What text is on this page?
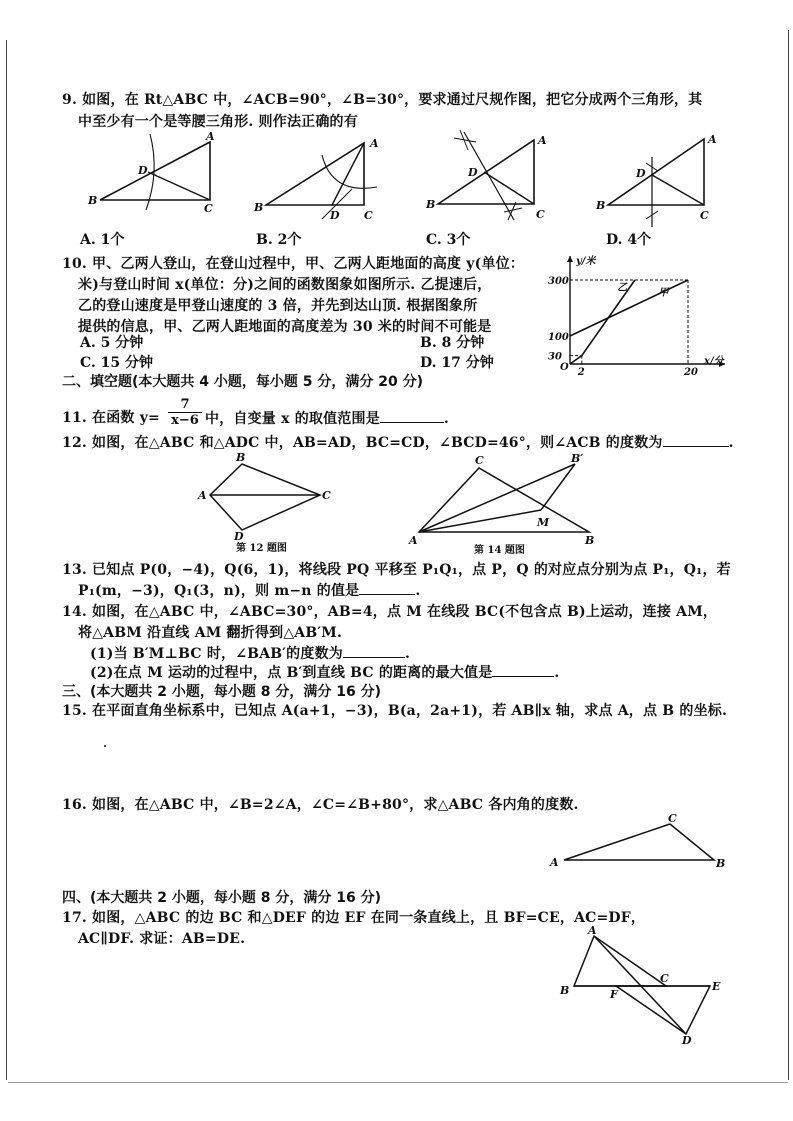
9. 如图，在 Rt△ABC 中，∠ACB=90°，∠B=30°，要求通过尺规作图，把它分成两个三角形，其
中至少有一个是等腰三角形. 则作法正确的有
A
B
C
D
A
B
C
D
A
B
C
D
A
B
C
D
A. 1个	B. 2个	C. 3个	D. 4个
10. 甲、乙两人登山，在登山过程中，甲、乙两人距地面的高度 y(单位：
米)与登山时间 x(单位：分)之间的函数图象如图所示. 乙提速后，
乙的登山速度是甲登山速度的 3 倍，并先到达山顶. 根据图象所
提供的信息，甲、乙两人距地面的高度差为 30 米的时间不可能是
A. 5 分钟	B. 8 分钟
C. 15 分钟	D. 17 分钟
y/米
x/分
O
甲
乙
30
100
300
2	20
二、填空题(本大题共 4 小题，每小题 5 分，满分 20 分)
11. 在函数 $y= \frac{7}{x-6}$ 中，自变量 x 的取值范围是	.
12. 如图，在△ABC 和△ADC 中，AB=AD，BC=CD，∠BCD=46°，则∠ACB 的度数为	.
B
A	C
D
第 12 题图
C	B′
M
A	B
第 14 题图
13. 已知点 P(0，−4)，Q(6，1)，将线段 PQ 平移至 P₁Q₁，点 P，Q 的对应点分别为点 P₁，Q₁，若
P₁(m，−3)，Q₁(3，n)，则 m−n 的值是	.
14. 如图，在△ABC 中，∠ABC=30°，AB=4，点 M 在线段 BC(不包含点 B)上运动，连接 AM，
将△ABM 沿直线 AM 翻折得到△AB′M.
(1)当 B′M⊥BC 时，∠BAB′的度数为	.
(2)在点 M 运动的过程中，点 B′到直线 BC 的距离的最大值是	.
三、(本大题共 2 小题，每小题 8 分，满分 16 分)
15. 在平面直角坐标系中，已知点 A(a+1，−3)，B(a，2a+1)，若 AB∥x 轴，求点 A，点 B 的坐标.
16. 如图，在△ABC 中，∠B=2∠A，∠C=∠B+80°，求△ABC 各内角的度数.
A
C
B
四、(本大题共 2 小题，每小题 8 分，满分 16 分)
17. 如图，△ABC 的边 BC 和△DEF 的边 EF 在同一条直线上，且 BF=CE，AC=DF，
AC∥DF. 求证：AB=DE.
A
B	F
C
E
D
